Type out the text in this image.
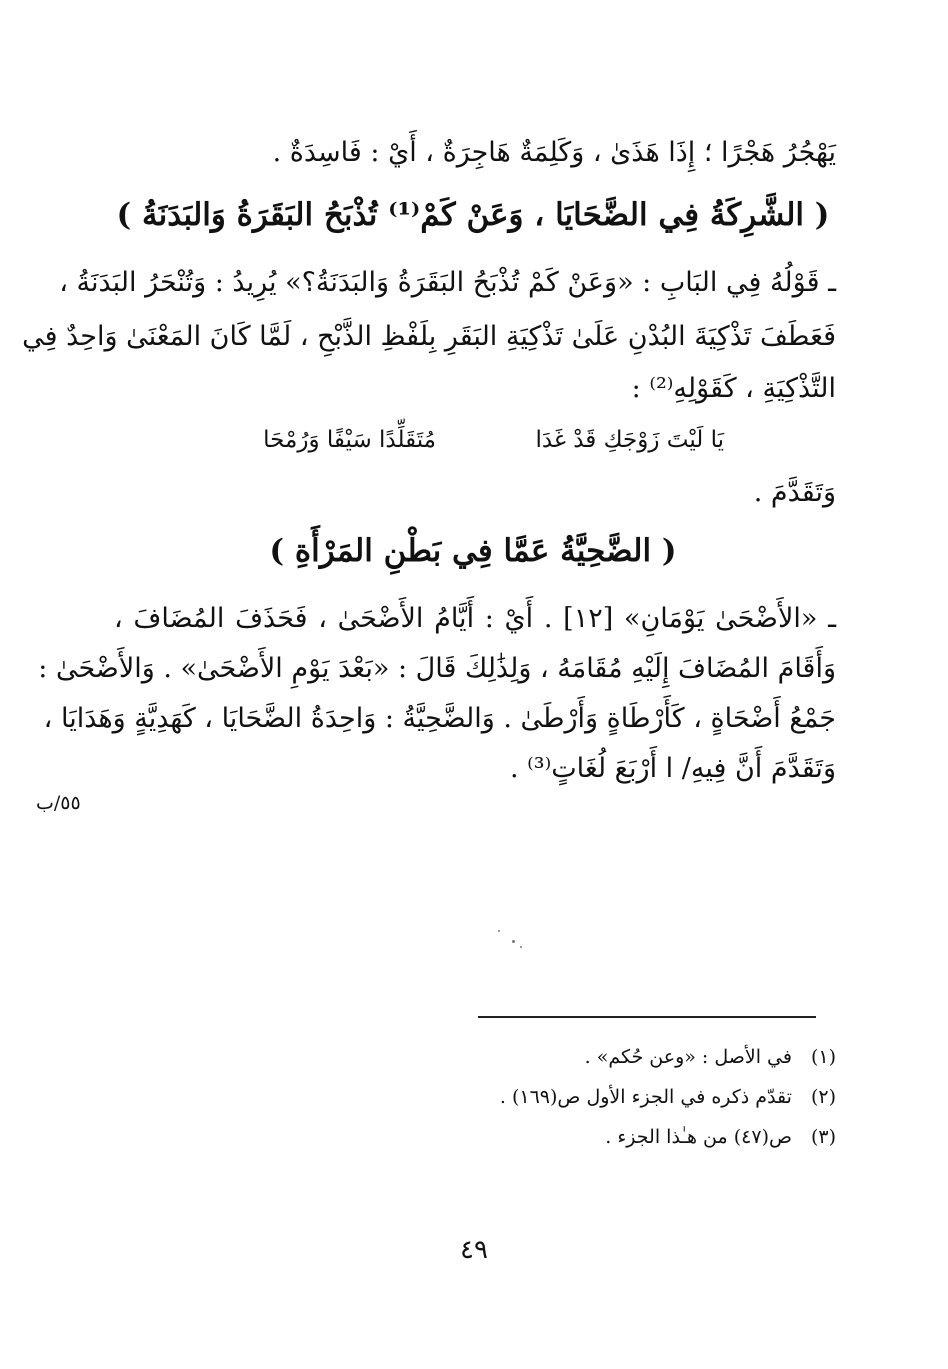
يَهْجُرُ هَجْرًا ؛ إِذَا هَذَىٰ ، وَكَلِمَةٌ هَاجِرَةٌ ، أَيْ : فَاسِدَةٌ .
( الشَّرِكَةُ فِي الضَّحَايَا ، وَعَنْ كَمْ⁽¹⁾ تُذْبَحُ البَقَرَةُ وَالبَدَنَةُ )
ـ قَوْلُهُ فِي البَابِ : «وَعَنْ كَمْ تُذْبَحُ البَقَرَةُ وَالبَدَنَةُ؟» يُرِيدُ : وَتُنْحَرُ البَدَنَةُ ،
فَعَطَفَ تَذْكِيَةَ البُدْنِ عَلَىٰ تَذْكِيَةِ البَقَرِ بِلَفْظِ الذَّبْحِ ، لَمَّا كَانَ المَعْنَىٰ وَاحِدٌ فِي
التَّذْكِيَةِ ، كَقَوْلِهِ⁽²⁾ :
يَا لَيْتَ زَوْجَكِ قَدْ غَدَا
مُتَقَلِّدًا سَيْفًا وَرُمْحَا
وَتَقَدَّمَ .
( الضَّحِيَّةُ عَمَّا فِي بَطْنِ المَرْأَةِ )
ـ «الأَضْحَىٰ يَوْمَانِ» [١٢] . أَيْ : أَيَّامُ الأَضْحَىٰ ، فَحَذَفَ المُضَافَ ،
وَأَقَامَ المُضَافَ إِلَيْهِ مُقَامَهُ ، وَلِذَٰلِكَ قَالَ : «بَعْدَ يَوْمِ الأَضْحَىٰ» . وَالأَضْحَىٰ :
جَمْعُ أَضْحَاةٍ ، كَأَرْطَاةٍ وَأَرْطَىٰ . وَالضَّحِيَّةُ : وَاحِدَةُ الضَّحَايَا ، كَهَدِيَّةٍ وَهَدَايَا ،
وَتَقَدَّمَ أَنَّ فِيهِ/ ا أَرْبَعَ لُغَاتٍ⁽³⁾ .
٥٥/ب
(١) في الأصل : «وعن حُكم» .
(٢) تقدّم ذكره في الجزء الأول ص(١٦٩) .
(٣) ص(٤٧) من هـٰذا الجزء .
٤٩
